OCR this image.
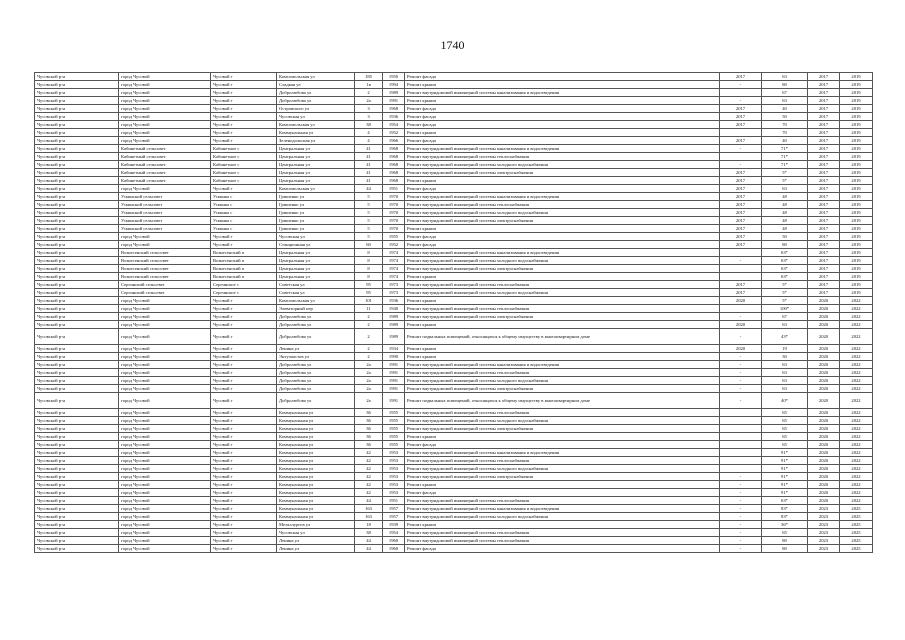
1740
Чусовской р-н	город Чусовой	Чусовой г	Комсомольская ул	185	1950	Ремонт фасада	2017	63	2017	2019
Чусовской р-н	город Чусовой	Чусовой г	Сладкая ул	1в	1994	Ремонт крыши	-	80	2017	2019
Чусовской р-н	город Чусовой	Чусовой г	Добролюбова ул	2	1989	Ремонт внутридомовой инженерной системы канализования и водоотведения		67	2017	2019
Чусовской р-н	город Чусовой	Чусовой г	Добролюбова ул	2а	1991	Ремонт крыши	-	63	2017	2019
Чусовской р-н	город Чусовой	Чусовой г	Островского ул	3	1968	Ремонт фасада	2017	40	2017	2019
Чусовской р-н	город Чусовой	Чусовой г	Чусовская ул	3	1936	Ремонт фасада	2017	50	2017	2019
Чусовской р-н	город Чусовой	Чусовой г	Комсомольская ул	38	1954	Ремонт фасада	2017	70	2017	2019
Чусовской р-н	город Чусовой	Чусовой г	Коммунальная ул	4	1952	Ремонт крыши		70	2017	2019
Чусовской р-н	город Чусовой	Чусовой г	Зеленодольская ул	4	1966	Ремонт фасада	2017	40	2017	2019
Чусовской р-н	Кабинетный сельсовет	Кабинетное с	Центральная ул	41	1968	Ремонт внутридомовой инженерной системы канализования и водоотведения	-	71*	2017	2019
Чусовской р-н	Кабинетный сельсовет	Кабинетное с	Центральная ул	41	1968	Ремонт внутридомовой инженерной системы теплоснабжения		71*	2017	2019
Чусовской р-н	Кабинетный сельсовет	Кабинетное с	Центральная ул	41	1968	Ремонт внутридомовой инженерной системы холодного водоснабжения	-	71*	2017	2019
Чусовской р-н	Кабинетный сельсовет	Кабинетное с	Центральная ул	41	1968	Ремонт внутридомовой инженерной системы электроснабжения	2017	5*	2017	2019
Чусовской р-н	Кабинетный сельсовет	Кабинетное с	Центральная ул	41	1968	Ремонт крыши	2017	5*	2017	2019
Чусовской р-н	город Чусовой	Чусовой г	Комсомольская ул	44	1951	Ремонт фасада	2017	63	2017	2019
Чусовской р-н	Ускинский сельсовет	Ускинка с	Гришенко ул	5	1970	Ремонт внутридомовой инженерной системы канализования и водоотведения	2017	48	2017	2019
Чусовской р-н	Ускинский сельсовет	Ускинка с	Гришенко ул	5	1970	Ремонт внутридомовой инженерной системы теплоснабжения	2017	48	2017	2019
Чусовской р-н	Ускинский сельсовет	Ускинка с	Гришенко ул	5	1970	Ремонт внутридомовой инженерной системы холодного водоснабжения	2017	48	2017	2019
Чусовской р-н	Ускинский сельсовет	Ускинка с	Гришенко ул	5	1970	Ремонт внутридомовой инженерной системы электроснабжения	2017	48	2017	2019
Чусовской р-н	Ускинский сельсовет	Ускинка с	Гришенко ул	5	1970	Ремонт крыши	2017	48	2017	2019
Чусовской р-н	город Чусовой	Чусовой г	Чусовская ул	5	1955	Ремонт фасада	2017	50	2017	2019
Чусовской р-н	город Чусовой	Чусовой г	Станционная ул	60	1952	Ремонт фасада	2017	80	2017	2019
Чусовской р-н	Вознесенский сельсовет	Вознесенский п	Центральная ул	8	1974	Ремонт внутридомовой инженерной системы канализования и водоотведения		63*	2017	2019
Чусовской р-н	Вознесенский сельсовет	Вознесенский п	Центральная ул	8	1974	Ремонт внутридомовой инженерной системы холодного водоснабжения	-	63*	2017	2019
Чусовской р-н	Вознесенский сельсовет	Вознесенский п	Центральная ул	8	1974	Ремонт внутридомовой инженерной системы электроснабжения		63*	2017	2019
Чусовской р-н	Вознесенский сельсовет	Вознесенский п	Центральная ул	8	1974	Ремонт крыши		63*	2017	2019
Чусовской р-н	Сергинский сельсовет	Сергинское с	Советская ул	95	1973	Ремонт внутридомовой инженерной системы теплоснабжения	2017	5*	2017	2019
Чусовской р-н	Сергинский сельсовет	Сергинское с	Советская ул	95	1973	Ремонт внутридомовой инженерной системы холодного водоснабжения	2017	5*	2017	2019
Чусовской р-н	город Чусовой	Чусовой г	Комсомольская ул	101	1936	Ремонт крыши	2020	5*	2020	2022
Чусовской р-н	город Чусовой	Чусовой г	Элеваторный пер	11	1940	Ремонт внутридомовой инженерной системы теплоснабжения		100*	2020	2022
Чусовской р-н	город Чусовой	Чусовой г	Добролюбова ул	2	1989	Ремонт внутридомовой инженерной системы электроснабжения	-	67	2020	2022
Чусовской р-н	город Чусовой	Чусовой г	Добролюбова ул	2	1989	Ремонт крыши	2020	63	2020	2022
Чусовской р-н	город Чусовой	Чусовой г	Добролюбова ул	2	1989	Ремонт подвальных помещений, относящихся к общему имуществу в многоквартирном доме	-	43*	2020	2022
Чусовской р-н	город Чусовой	Чусовой г	Ленина ул	2	1934	Ремонт крыши	2020	19	2020	2022
Чусовской р-н	город Чусовой	Чусовой г	Энтузиастов ул	2	1990	Ремонт крыши	-	30	2020	2022
Чусовской р-н	город Чусовой	Чусовой г	Добролюбова ул	2а	1991	Ремонт внутридомовой инженерной системы канализования и водоотведения	-	63	2020	2022
Чусовской р-н	город Чусовой	Чусовой г	Добролюбова ул	2а	1991	Ремонт внутридомовой инженерной системы теплоснабжения	-	63	2020	2022
Чусовской р-н	город Чусовой	Чусовой г	Добролюбова ул	2а	1991	Ремонт внутридомовой инженерной системы холодного водоснабжения	-	63	2020	2022
Чусовской р-н	город Чусовой	Чусовой г	Добролюбова ул	2а	1991	Ремонт внутридомовой инженерной системы электроснабжения	-	63	2020	2022
Чусовской р-н	город Чусовой	Чусовой г	Добролюбова ул	2а	1991	Ремонт подвальных помещений, относящихся к общему имуществу в многоквартирном доме	-	40*	2020	2022
Чусовской р-н	город Чусовой	Чусовой г	Коммунальная ул	36	1955	Ремонт внутридомовой инженерной системы теплоснабжения		65	2020	2022
Чусовской р-н	город Чусовой	Чусовой г	Коммунальная ул	36	1955	Ремонт внутридомовой инженерной системы холодного водоснабжения		65	2020	2022
Чусовской р-н	город Чусовой	Чусовой г	Коммунальная ул	36	1955	Ремонт внутридомовой инженерной системы электроснабжения		65	2020	2022
Чусовской р-н	город Чусовой	Чусовой г	Коммунальная ул	36	1955	Ремонт крыши		65	2020	2022
Чусовской р-н	город Чусовой	Чусовой г	Коммунальная ул	36	1955	Ремонт фасада		65	2020	2022
Чусовской р-н	город Чусовой	Чусовой г	Коммунальная ул	42	1953	Ремонт внутридомовой инженерной системы канализования и водоотведения		91*	2020	2022
Чусовской р-н	город Чусовой	Чусовой г	Коммунальная ул	42	1953	Ремонт внутридомовой инженерной системы теплоснабжения		91*	2020	2022
Чусовской р-н	город Чусовой	Чусовой г	Коммунальная ул	42	1953	Ремонт внутридомовой инженерной системы холодного водоснабжения		91*	2020	2022
Чусовской р-н	город Чусовой	Чусовой г	Коммунальная ул	42	1953	Ремонт внутридомовой инженерной системы электроснабжения	-	91*	2020	2022
Чусовской р-н	город Чусовой	Чусовой г	Коммунальная ул	42	1953	Ремонт крыши	-	91*	2020	2022
Чусовской р-н	город Чусовой	Чусовой г	Коммунальная ул	42	1953	Ремонт фасада	-	91*	2020	2022
Чусовской р-н	город Чусовой	Чусовой г	Коммунальная ул	44	1951	Ремонт внутридомовой инженерной системы теплоснабжения	-	63*	2020	2022
Чусовской р-н	город Чусовой	Чусовой г	Коммунальная ул	163	1957	Ремонт внутридомовой инженерной системы канализования и водоотведения	-	83*	2023	2025
Чусовской р-н	город Чусовой	Чусовой г	Коммунальная ул	163	1957	Ремонт внутридомовой инженерной системы холодного водоснабжения	-	83*	2023	2025
Чусовской р-н	город Чусовой	Чусовой г	Металлургов ул	18	1939	Ремонт крыши	-	36*	2023	2025
Чусовской р-н	город Чусовой	Чусовой г	Чусовская ул	38	1954	Ремонт внутридомовой инженерной системы теплоснабжения	-	65	2023	2025
Чусовской р-н	город Чусовой	Чусовой г	Ленина ул	44	1960	Ремонт внутридомовой инженерной системы теплоснабжения	-	80	2023	2025
Чусовской р-н	город Чусовой	Чусовой г	Ленина ул	44	1960	Ремонт фасада	-	80	2023	2025
